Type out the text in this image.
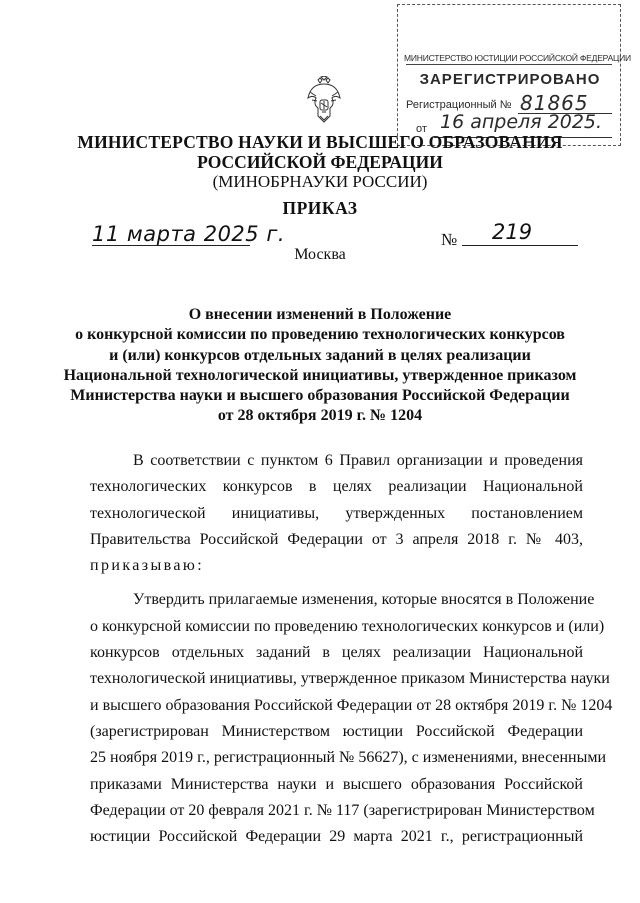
МИНИСТЕРСТВО ЮСТИЦИИ РОССИЙСКОЙ ФЕДЕРАЦИИ
ЗАРЕГИСТРИРОВАНО
Регистрационный № 81865
от 16 апреля 2025.
МИНИСТЕРСТВО НАУКИ И ВЫСШЕГО ОБРАЗОВАНИЯ
РОССИЙСКОЙ ФЕДЕРАЦИИ
(МИНОБРНАУКИ РОССИИ)
ПРИКАЗ
11 марта 2025 г.	№ 219
Москва
О внесении изменений в Положение
о конкурсной комиссии по проведению технологических конкурсов
и (или) конкурсов отдельных заданий в целях реализации
Национальной технологической инициативы, утвержденное приказом
Министерства науки и высшего образования Российской Федерации
от 28 октября 2019 г. № 1204

В соответствии с пунктом 6 Правил организации и проведения

технологических конкурсов в целях реализации Национальной

технологической инициативы, утвержденных постановлением

Правительства Российской Федерации от 3 апреля 2018 г. № 403,

приказываю:

Утвердить прилагаемые изменения, которые вносятся в Положение

о конкурсной комиссии по проведению технологических конкурсов и (или)

конкурсов отдельных заданий в целях реализации Национальной

технологической инициативы, утвержденное приказом Министерства науки

и высшего образования Российской Федерации от 28 октября 2019 г. № 1204

(зарегистрирован Министерством юстиции Российской Федерации

25 ноября 2019 г., регистрационный № 56627), с изменениями, внесенными

приказами Министерства науки и высшего образования Российской

Федерации от 20 февраля 2021 г. № 117 (зарегистрирован Министерством

юстиции Российской Федерации 29 марта 2021 г., регистрационный
